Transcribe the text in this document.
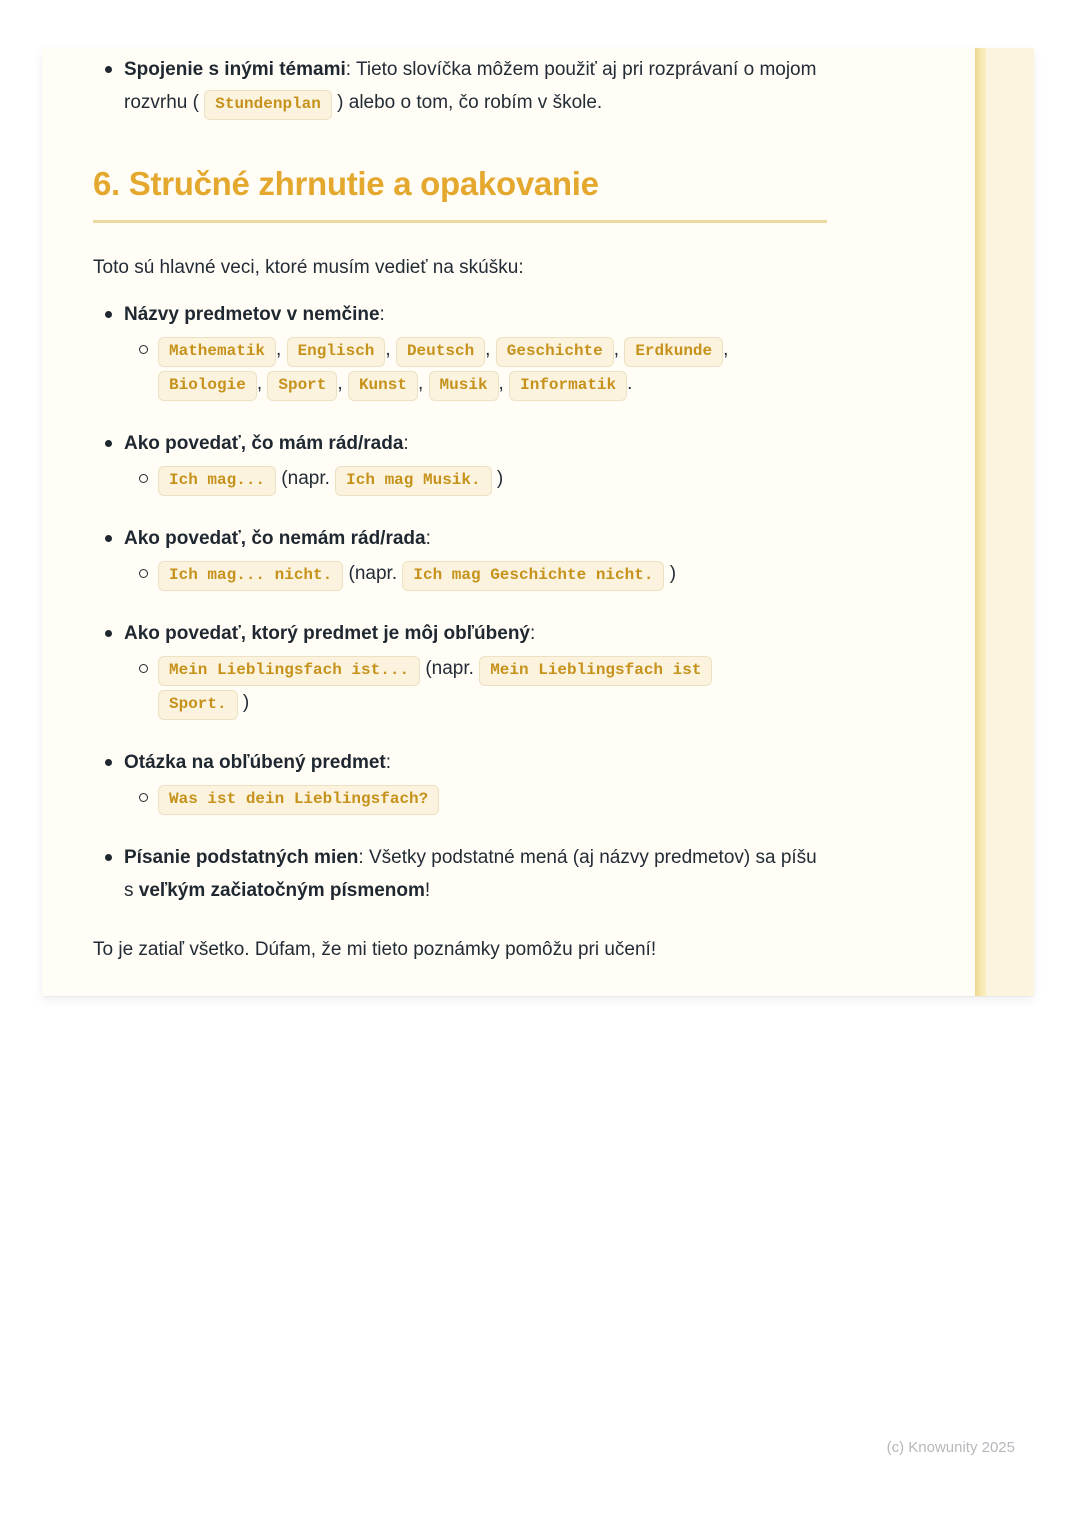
Spojenie s inými témami: Tieto slovíčka môžem použiť aj pri rozprávaní o mojom rozvrhu ( Stundenplan ) alebo o tom, čo robím v škole.
6. Stručné zhrnutie a opakovanie

Toto sú hlavné veci, ktoré musím vedieť na skúšku:

Názvy predmetov v nemčine:
Mathematik , Englisch , Deutsch , Geschichte , Erdkunde , Biologie , Sport , Kunst , Musik , Informatik .
Ako povedať, čo mám rád/rada:
Ich mag... (napr. Ich mag Musik. )
Ako povedať, čo nemám rád/rada:
Ich mag... nicht. (napr. Ich mag Geschichte nicht. )
Ako povedať, ktorý predmet je môj obľúbený:
Mein Lieblingsfach ist... (napr. Mein Lieblingsfach ist Sport. )
Otázka na obľúbený predmet:
Was ist dein Lieblingsfach?
Písanie podstatných mien: Všetky podstatné mená (aj názvy predmetov) sa píšu s veľkým začiatočným písmenom!

To je zatiaľ všetko. Dúfam, že mi tieto poznámky pomôžu pri učení!

(c) Knowunity 2025
